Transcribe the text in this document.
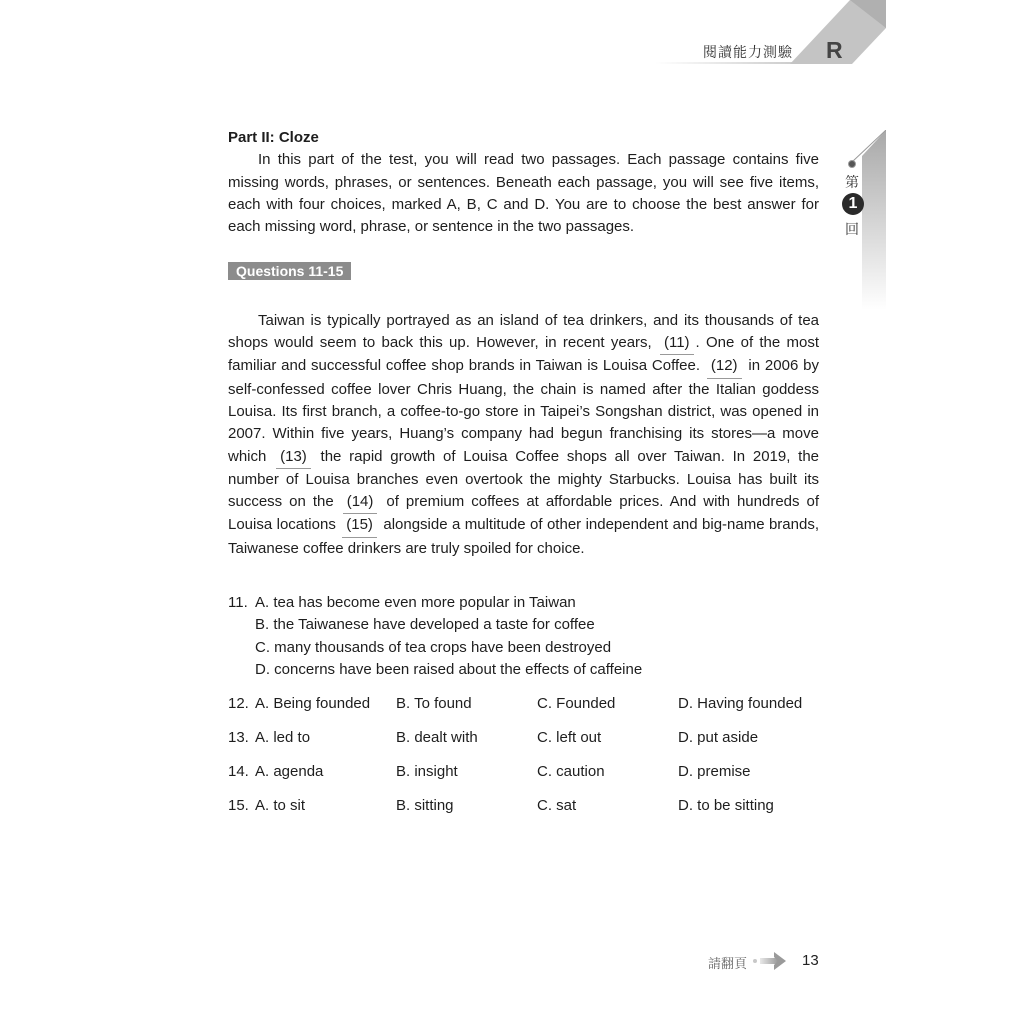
閱讀能力測驗 R
第
1
回

Part II: Cloze

In this part of the test, you will read two passages. Each passage contains five missing words, phrases, or sentences. Beneath each passage, you will see five items, each with four choices, marked A, B, C and D. You are to choose the best answer for each missing word, phrase, or sentence in the two passages.

Questions 11-15

Taiwan is typically portrayed as an island of tea drinkers, and its thousands of tea shops would seem to back this up. However, in recent years, (11) . One of the most familiar and successful coffee shop brands in Taiwan is Louisa Coffee. (12) in 2006 by self-confessed coffee lover Chris Huang, the chain is named after the Italian goddess Louisa. Its first branch, a coffee-to-go store in Taipei’s Songshan district, was opened in 2007. Within five years, Huang’s company had begun franchising its stores—a move which (13) the rapid growth of Louisa Coffee shops all over Taiwan. In 2019, the number of Louisa branches even overtook the mighty Starbucks. Louisa has built its success on the (14) of premium coffees at affordable prices. And with hundreds of Louisa locations (15) alongside a multitude of other independent and big-name brands, Taiwanese coffee drinkers are truly spoiled for choice.

11. A. tea has become even more popular in Taiwan
B. the Taiwanese have developed a taste for coffee
C. many thousands of tea crops have been destroyed
D. concerns have been raised about the effects of caffeine
12. A. Being founded	B. To found	C. Founded	D. Having founded
13. A. led to	B. dealt with	C. left out	D. put aside
14. A. agenda	B. insight	C. caution	D. premise
15. A. to sit	B. sitting	C. sat	D. to be sitting
請翻頁	13
